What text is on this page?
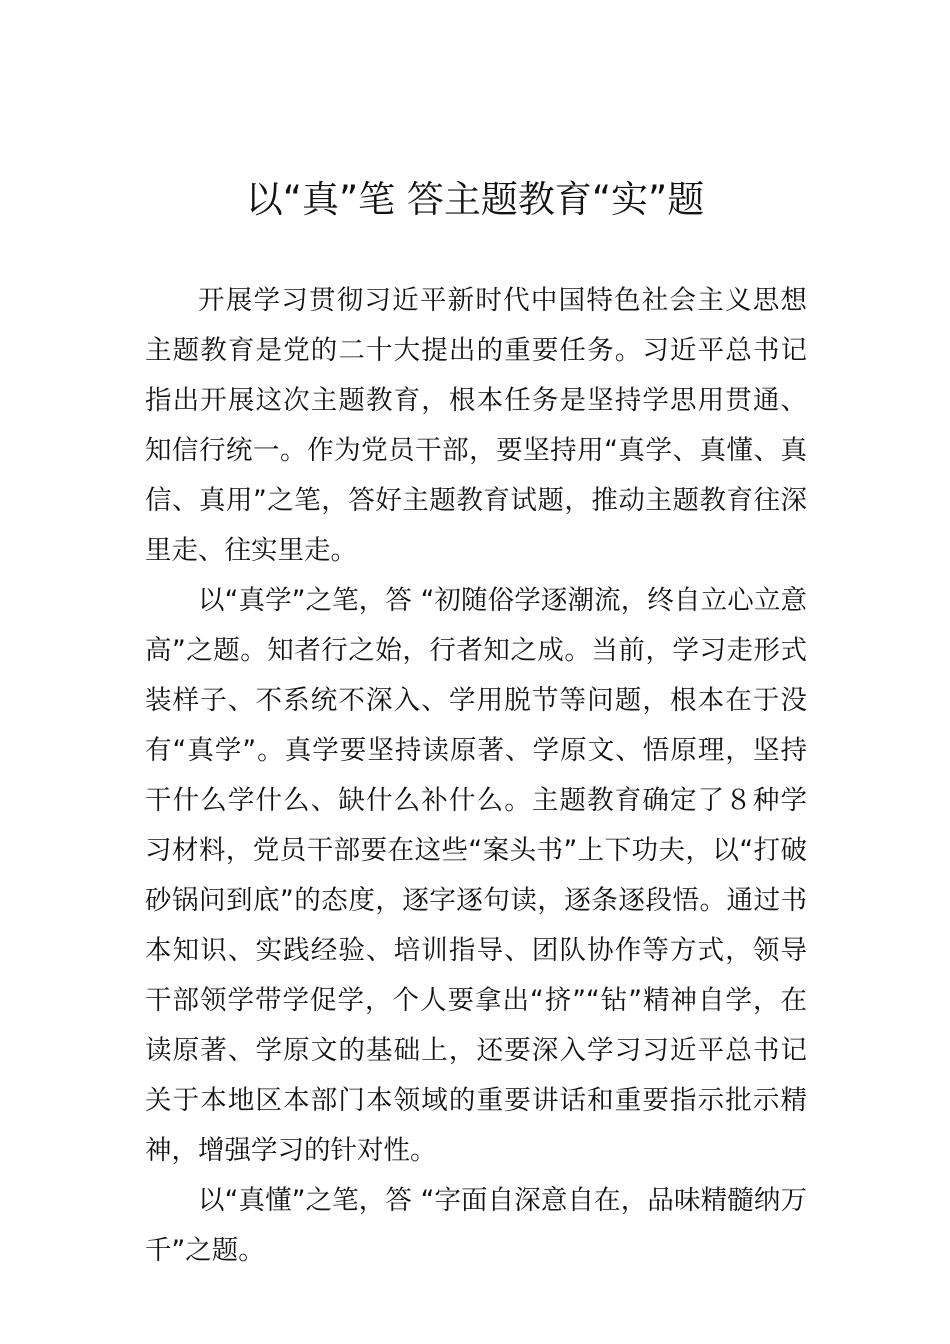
以“真”笔 答主题教育“实”题

开展学习贯彻习近平新时代中国特色社会主义思想主题教育是党的二十大提出的重要任务。习近平总书记指出开展这次主题教育，根本任务是坚持学思用贯通、知信行统一。作为党员干部，要坚持用“真学、真懂、真信、真用”之笔，答好主题教育试题，推动主题教育往深里走、往实里走。

以“真学”之笔，答 “初随俗学逐潮流，终自立心立意高”之题。知者行之始，行者知之成。当前，学习走形式装样子、不系统不深入、学用脱节等问题，根本在于没有“真学”。真学要坚持读原著、学原文、悟原理，坚持干什么学什么、缺什么补什么。主题教育确定了８种学习材料，党员干部要在这些“案头书”上下功夫，以“打破砂锅问到底”的态度，逐字逐句读，逐条逐段悟。通过书本知识、实践经验、培训指导、团队协作等方式，领导干部领学带学促学，个人要拿出“挤”“钻”精神自学，在读原著、学原文的基础上，还要深入学习习近平总书记关于本地区本部门本领域的重要讲话和重要指示批示精神，增强学习的针对性。

以“真懂”之笔，答 “字面自深意自在，品味精髓纳万千”之题。
